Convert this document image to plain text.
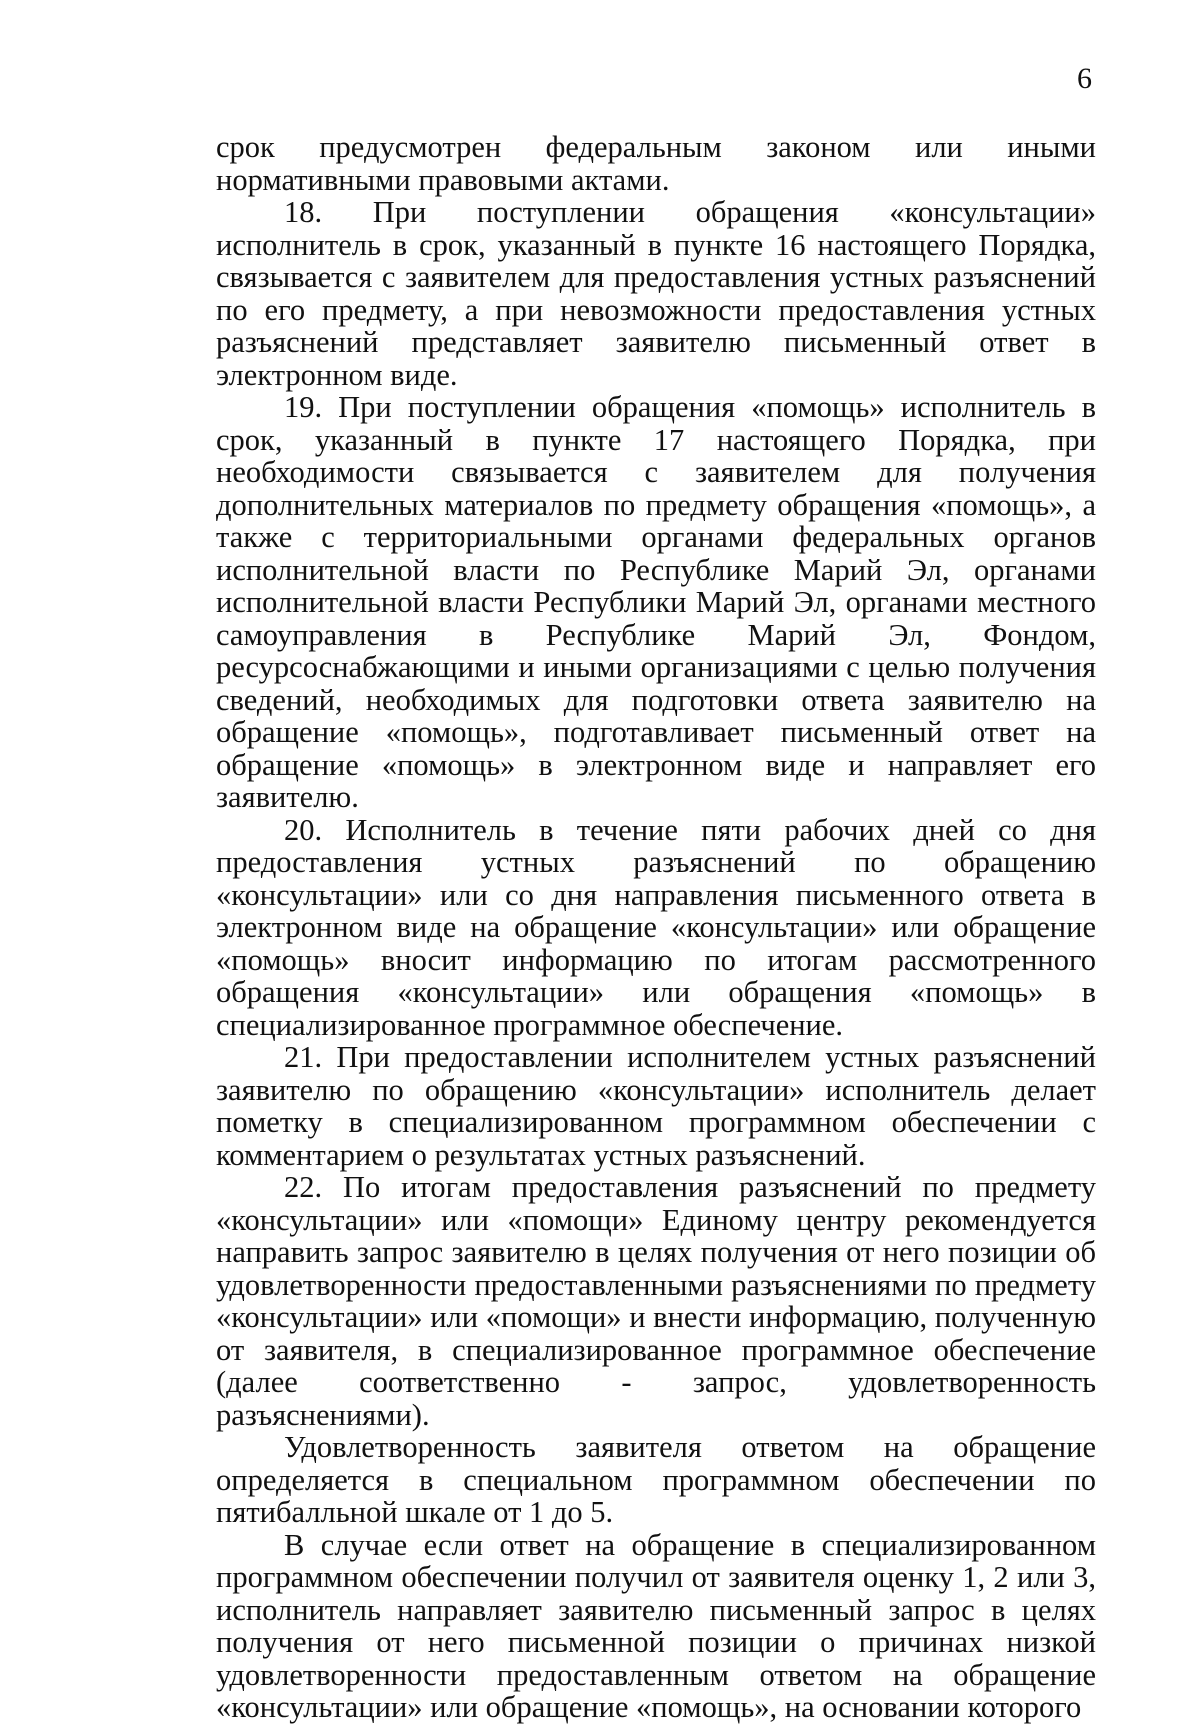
6

срок предусмотрен федеральным законом или иными нормативными правовыми актами.

18. При поступлении обращения «консультации» исполнитель в срок, указанный в пункте 16 настоящего Порядка, связывается с заявителем для предоставления устных разъяснений по его предмету, а при невозможности предоставления устных разъяснений представляет заявителю письменный ответ в электронном виде.

19. При поступлении обращения «помощь» исполнитель в срок, указанный в пункте 17 настоящего Порядка, при необходимости связывается с заявителем для получения дополнительных материалов по предмету обращения «помощь», а также с территориальными органами федеральных органов исполнительной власти по Республике Марий Эл, органами исполнительной власти Республики Марий Эл, органами местного самоуправления в Республике Марий Эл, Фондом, ресурсоснабжающими и иными организациями с целью получения сведений, необходимых для подготовки ответа заявителю на обращение «помощь», подготавливает письменный ответ на обращение «помощь» в электронном виде и направляет его заявителю.

20. Исполнитель в течение пяти рабочих дней со дня предоставления устных разъяснений по обращению «консультации» или со дня направления письменного ответа в электронном виде на обращение «консультации» или обращение «помощь» вносит информацию по итогам рассмотренного обращения «консультации» или обращения «помощь» в специализированное программное обеспечение.

21. При предоставлении исполнителем устных разъяснений заявителю по обращению «консультации» исполнитель делает пометку в специализированном программном обеспечении с комментарием о результатах устных разъяснений.

22. По итогам предоставления разъяснений по предмету «консультации» или «помощи» Единому центру рекомендуется направить запрос заявителю в целях получения от него позиции об удовлетворенности предоставленными разъяснениями по предмету «консультации» или «помощи» и внести информацию, полученную от заявителя, в специализированное программное обеспечение (далее соответственно - запрос, удовлетворенность разъяснениями).

Удовлетворенность заявителя ответом на обращение определяется в специальном программном обеспечении по пятибалльной шкале от 1 до 5.

В случае если ответ на обращение в специализированном программном обеспечении получил от заявителя оценку 1, 2 или 3, исполнитель направляет заявителю письменный запрос в целях получения от него письменной позиции о причинах низкой удовлетворенности предоставленным ответом на обращение «консультации» или обращение «помощь», на основании которого
